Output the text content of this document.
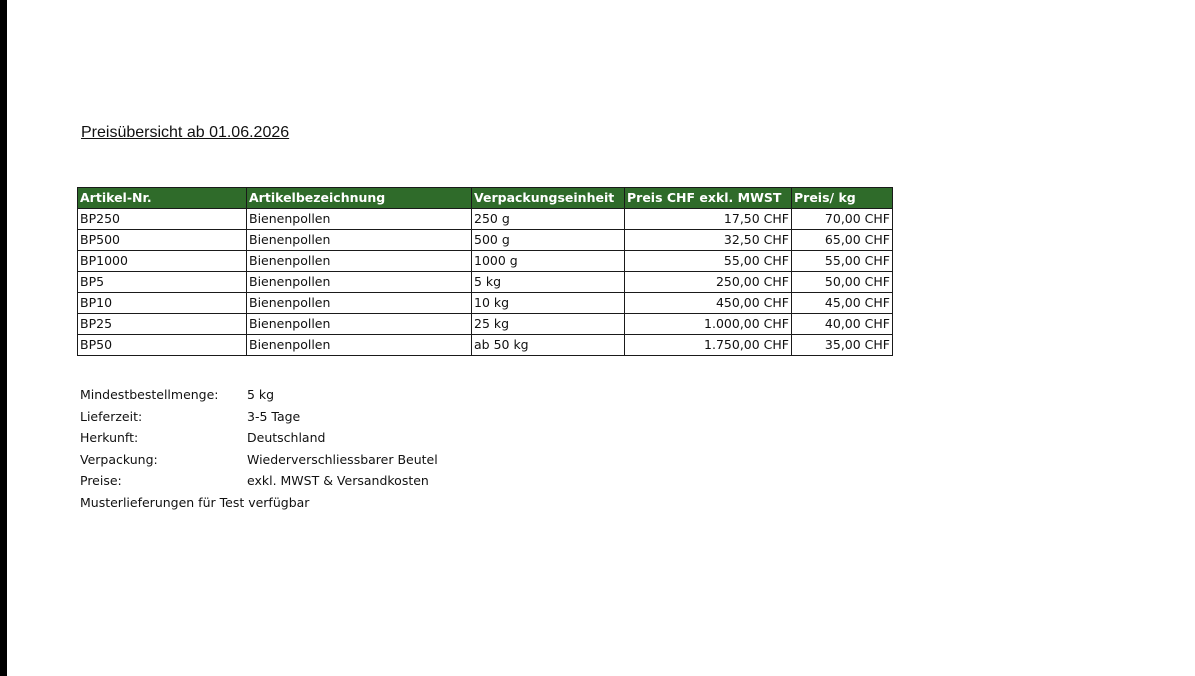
Preisübersicht ab 01.06.2026
Artikel-Nr.	Artikelbezeichnung	Verpackungseinheit	Preis CHF exkl. MWST	Preis/ kg
BP250	Bienenpollen	250 g	17,50 CHF	70,00 CHF
BP500	Bienenpollen	500 g	32,50 CHF	65,00 CHF
BP1000	Bienenpollen	1000 g	55,00 CHF	55,00 CHF
BP5	Bienenpollen	5 kg	250,00 CHF	50,00 CHF
BP10	Bienenpollen	10 kg	450,00 CHF	45,00 CHF
BP25	Bienenpollen	25 kg	1.000,00 CHF	40,00 CHF
BP50	Bienenpollen	ab 50 kg	1.750,00 CHF	35,00 CHF
Mindestbestellmenge: 5 kg
Lieferzeit:	3-5 Tage
Herkunft:	Deutschland
Verpackung:	Wiederverschliessbarer Beutel
Preise:	exkl. MWST & Versandkosten
Musterlieferungen für Test verfügbar
